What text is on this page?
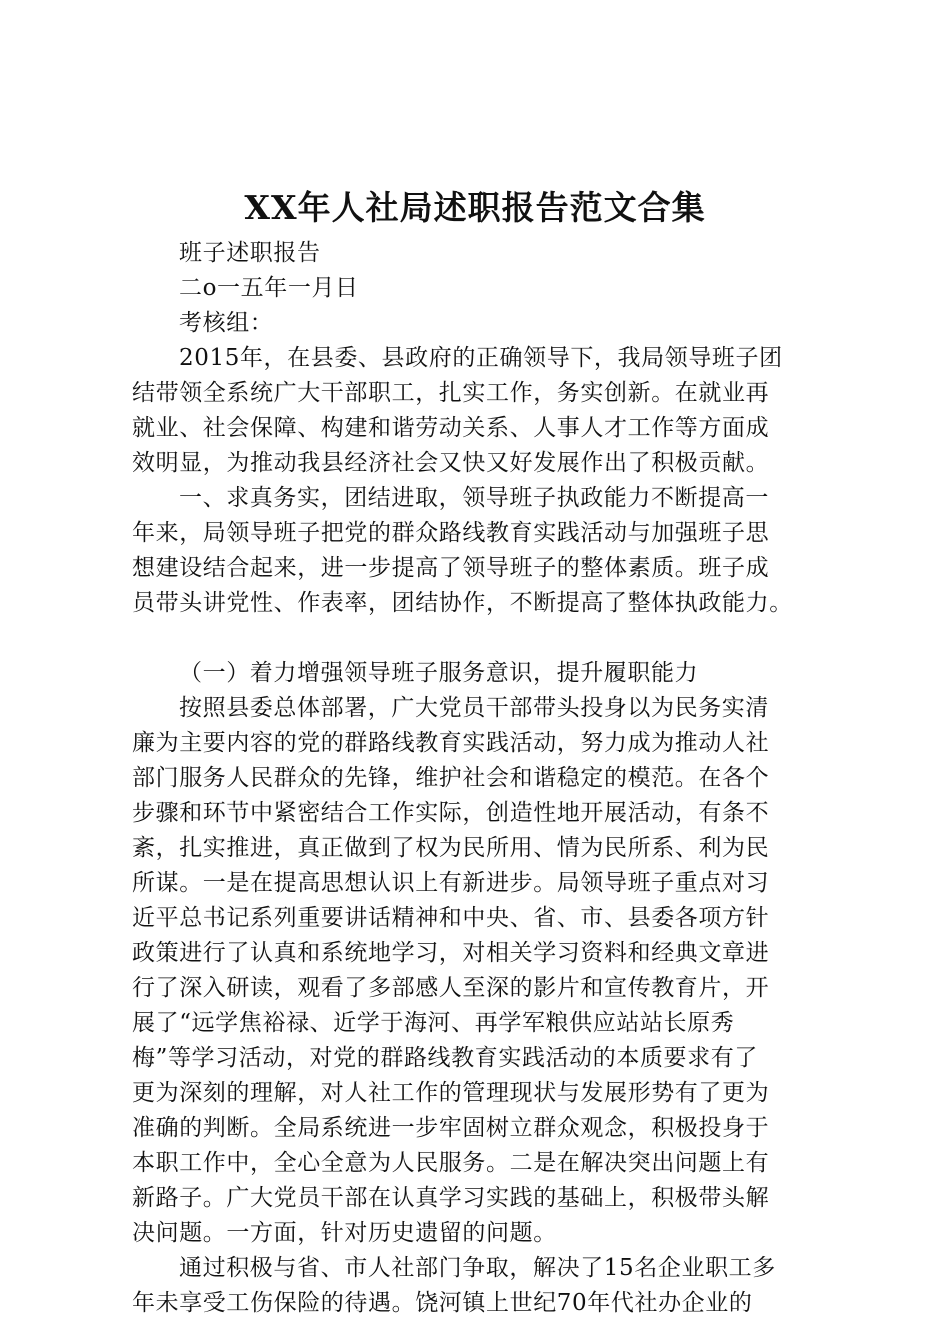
XX年人社局述职报告范文合集
班子述职报告
二o一五年一月日
考核组：
2015年，在县委、县政府的正确领导下，我局领导班子团
结带领全系统广大干部职工，扎实工作，务实创新。在就业再
就业、社会保障、构建和谐劳动关系、人事人才工作等方面成
效明显，为推动我县经济社会又快又好发展作出了积极贡献。
一、求真务实，团结进取，领导班子执政能力不断提高一
年来，局领导班子把党的群众路线教育实践活动与加强班子思
想建设结合起来，进一步提高了领导班子的整体素质。班子成
员带头讲党性、作表率，团结协作，不断提高了整体执政能力。
（一）着力增强领导班子服务意识，提升履职能力
按照县委总体部署，广大党员干部带头投身以为民务实清
廉为主要内容的党的群路线教育实践活动，努力成为推动人社
部门服务人民群众的先锋，维护社会和谐稳定的模范。在各个
步骤和环节中紧密结合工作实际，创造性地开展活动，有条不
紊，扎实推进，真正做到了权为民所用、情为民所系、利为民
所谋。一是在提高思想认识上有新进步。局领导班子重点对习
近平总书记系列重要讲话精神和中央、省、市、县委各项方针
政策进行了认真和系统地学习，对相关学习资料和经典文章进
行了深入研读，观看了多部感人至深的影片和宣传教育片，开
展了“远学焦裕禄、近学于海河、再学军粮供应站站长原秀
梅”等学习活动，对党的群路线教育实践活动的本质要求有了
更为深刻的理解，对人社工作的管理现状与发展形势有了更为
准确的判断。全局系统进一步牢固树立群众观念，积极投身于
本职工作中，全心全意为人民服务。二是在解决突出问题上有
新路子。广大党员干部在认真学习实践的基础上，积极带头解
决问题。一方面，针对历史遗留的问题。
通过积极与省、市人社部门争取，解决了15名企业职工多
年未享受工伤保险的待遇。饶河镇上世纪70年代社办企业的
